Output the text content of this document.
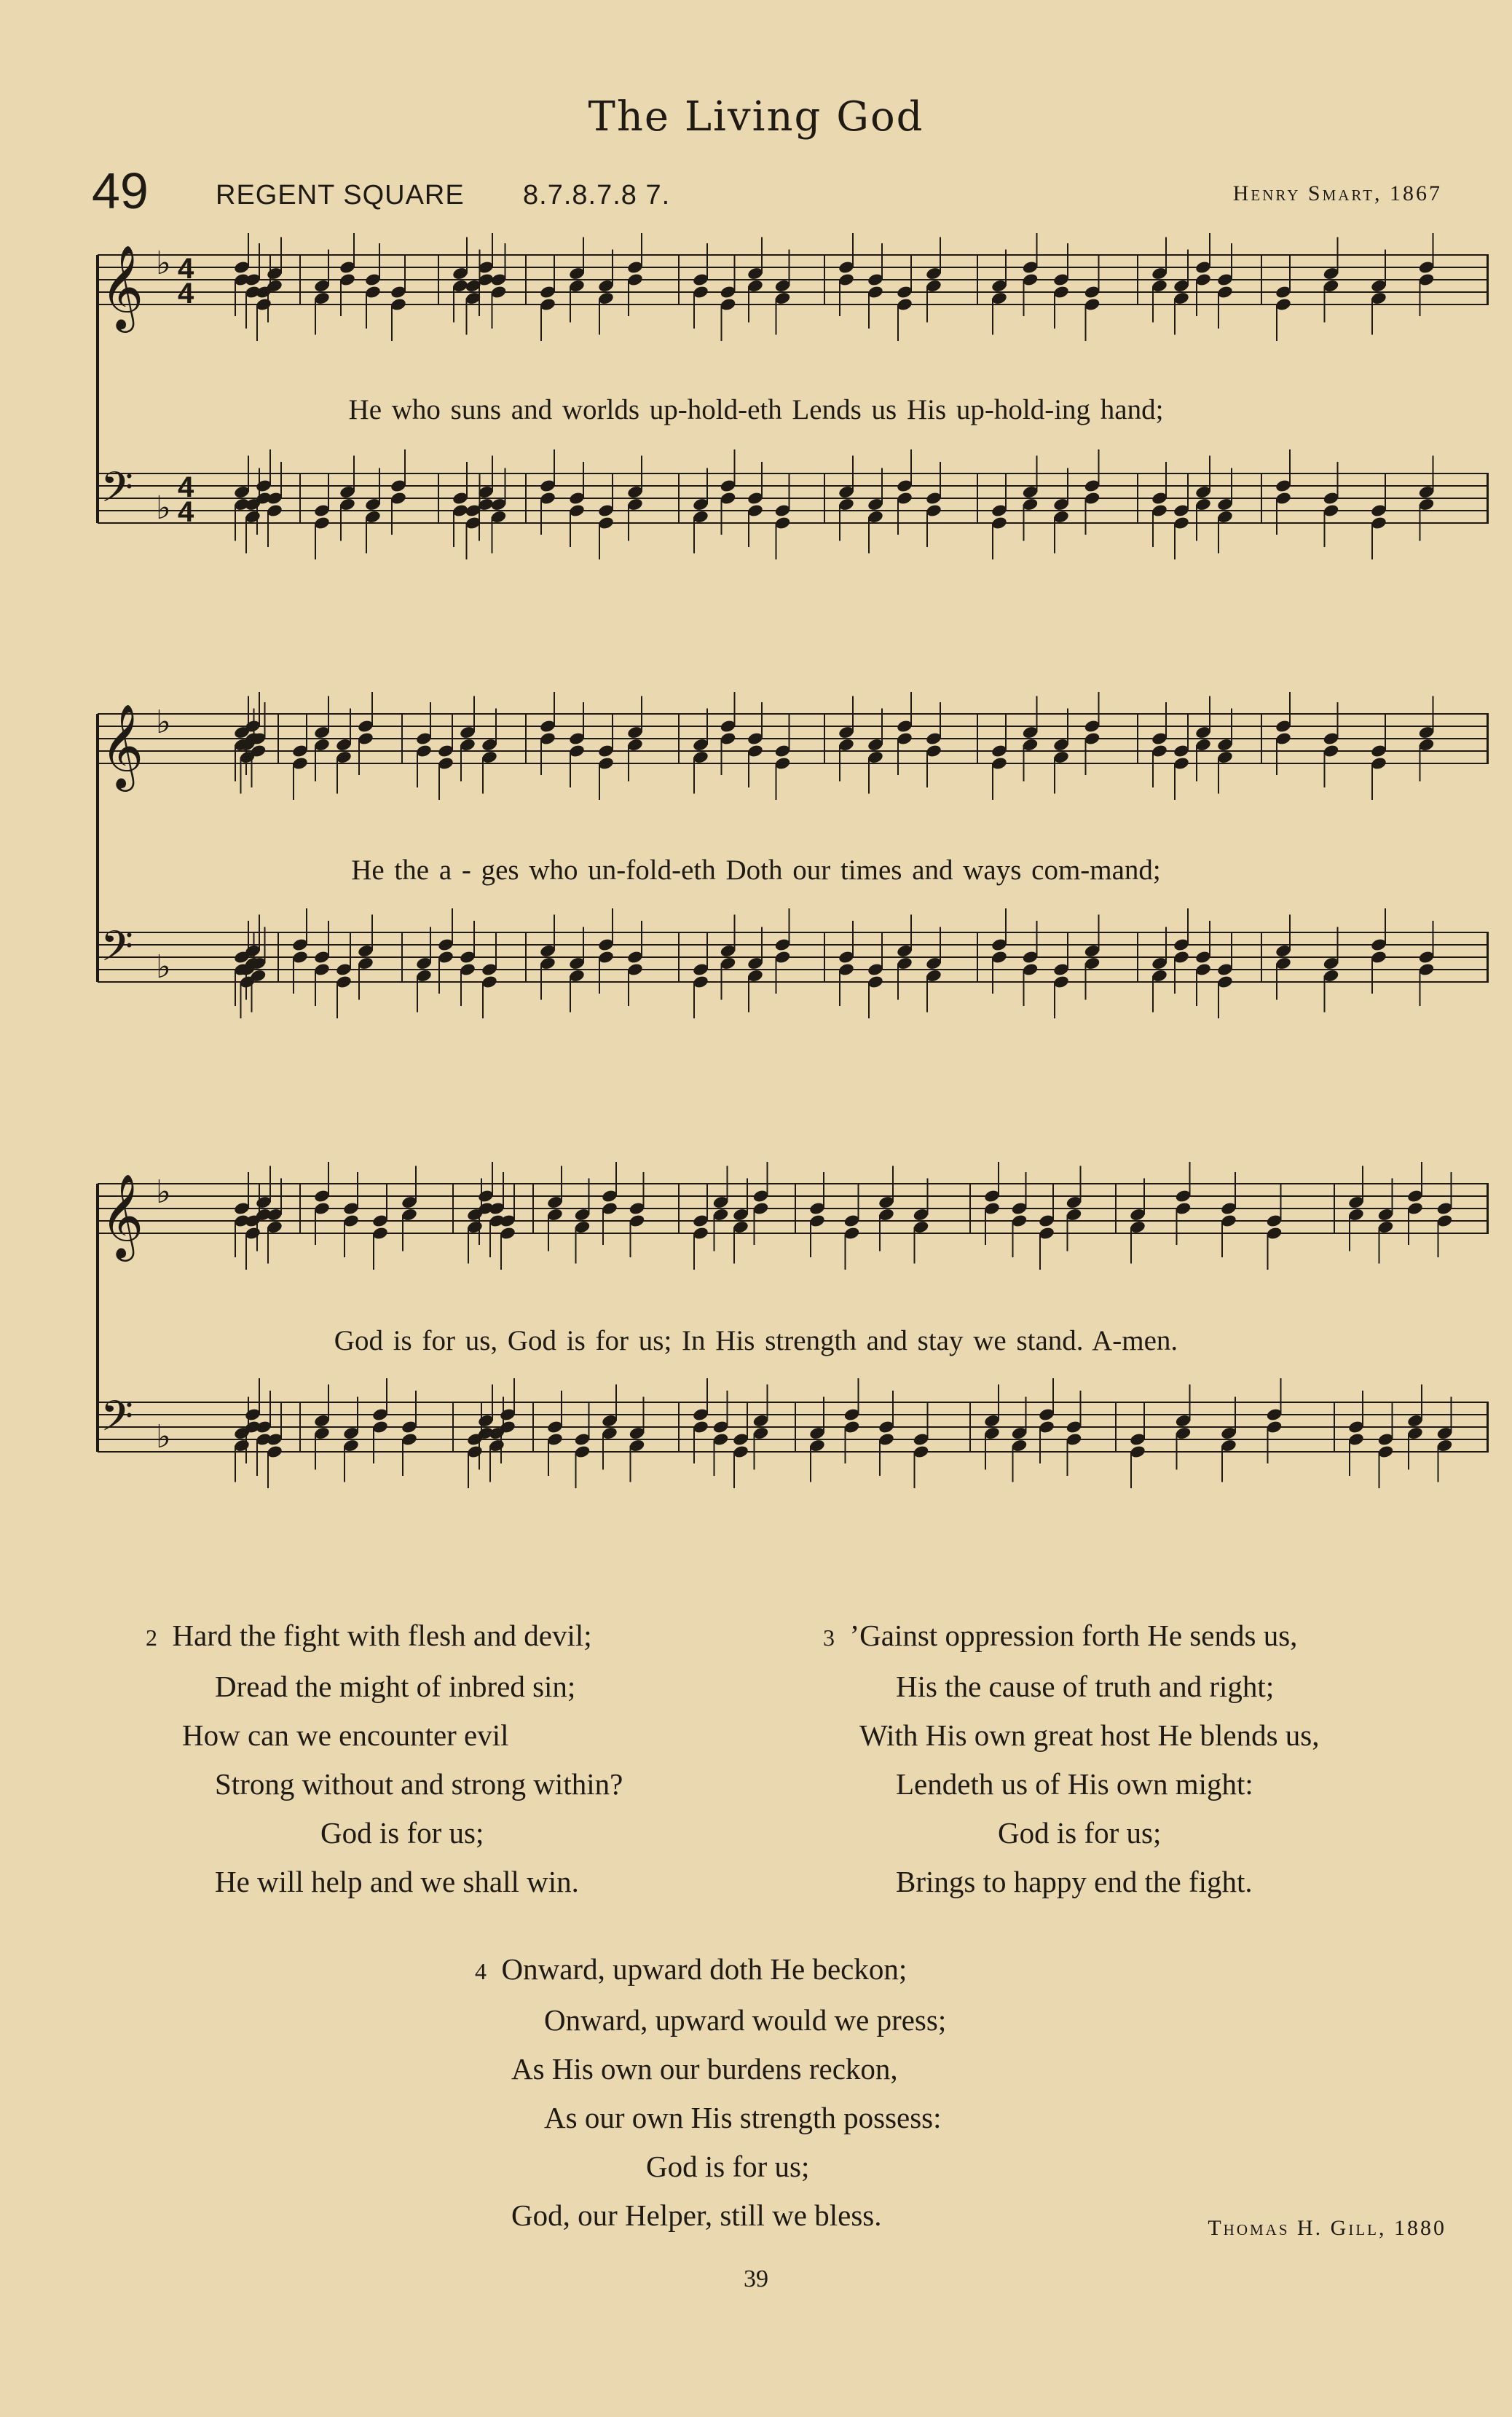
The Living God
49 REGENT SQUARE 8.7.8.7.8 7.	Henry Smart, 1867
𝄞 ♭ 4
4
𝄢 ♭
4
4
He who suns and worlds up-hold-eth Lends us His up-hold-ing hand;
𝄞 ♭
𝄢 ♭
He the a - ges who un-fold-eth Doth our times and ways com-mand;
𝄞 ♭
𝄢 ♭
God is for us, God is for us; In His strength and stay we stand. A-men.
2 Hard the fight with flesh and devil;
Dread the might of inbred sin;
How can we encounter evil
Strong without and strong within?
God is for us;
He will help and we shall win.
3 ’Gainst oppression forth He sends us,
His the cause of truth and right;
With His own great host He blends us,
Lendeth us of His own might:
God is for us;
Brings to happy end the fight.
4 Onward, upward doth He beckon;
Onward, upward would we press;
As His own our burdens reckon,
As our own His strength possess:
God is for us;
God, our Helper, still we bless.	Thomas H. Gill, 1880
39
